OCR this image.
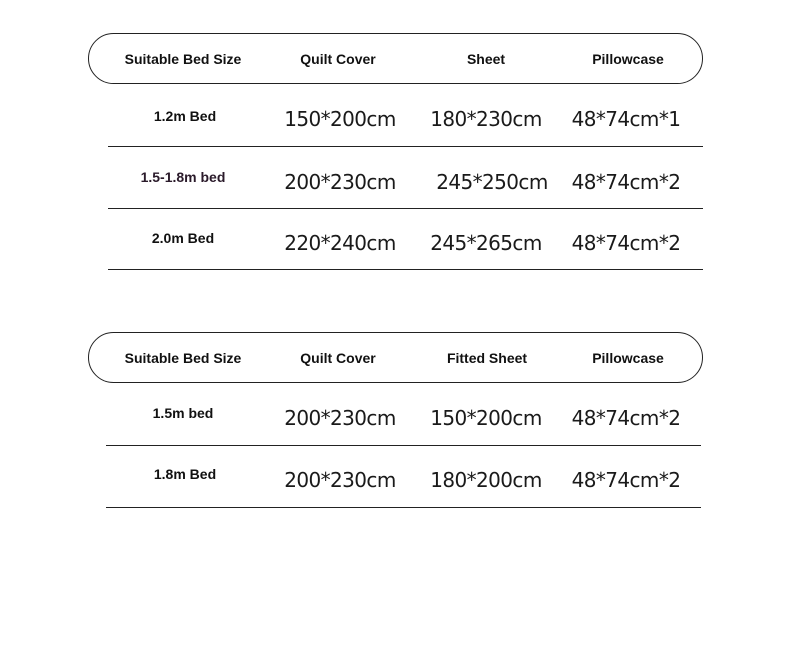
Suitable Bed Size	Quilt Cover	Sheet	Pillowcase
1.2m Bed	150*200cm	180*230cm	48*74cm*1
1.5-1.8m bed	200*230cm	245*250cm	48*74cm*2
2.0m Bed	220*240cm	245*265cm	48*74cm*2
Suitable Bed Size	Quilt Cover	Fitted Sheet	Pillowcase
1.5m bed	200*230cm	150*200cm	48*74cm*2
1.8m Bed	200*230cm	180*200cm	48*74cm*2
